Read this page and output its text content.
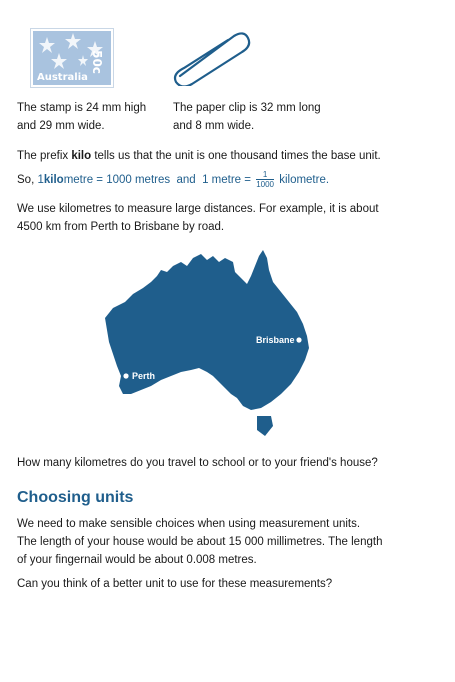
Australia
50c
The stamp is 24 mm high
and 29 mm wide.
The paper clip is 32 mm long
and 8 mm wide.
The prefix kilo tells us that the unit is one thousand times the base unit.
So, 1kilometre = 1000 metres and 1 metre = $\frac{1}{1000}$ kilometre.
We use kilometres to measure large distances. For example, it is about
4500 km from Perth to Brisbane by road.
Brisbane
Perth
How many kilometres do you travel to school or to your friend's house?
Choosing units
We need to make sensible choices when using measurement units.
The length of your house would be about 15 000 millimetres. The length
of your fingernail would be about 0.008 metres.
Can you think of a better unit to use for these measurements?
